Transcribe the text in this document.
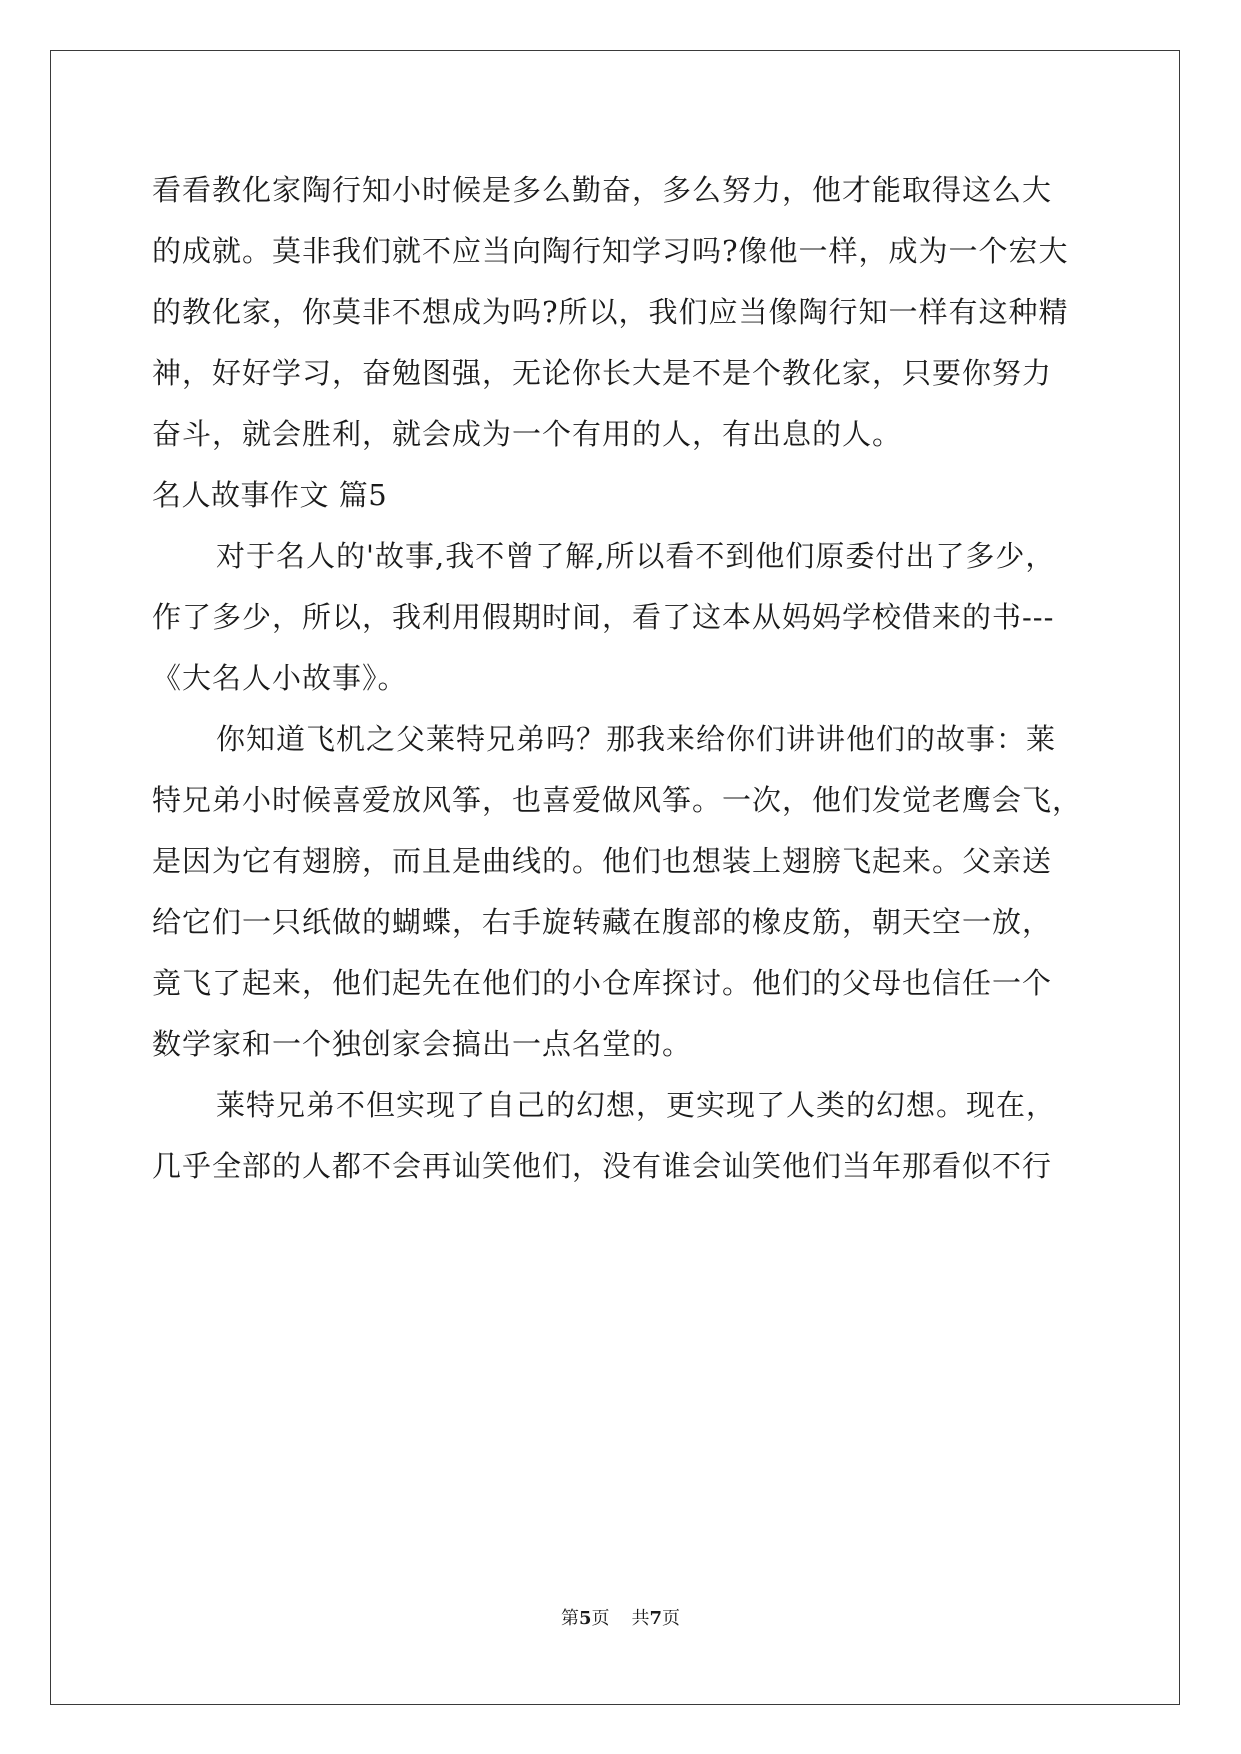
看看教化家陶行知小时候是多么勤奋，多么努力，他才能取得这么大
的成就。莫非我们就不应当向陶行知学习吗?像他一样，成为一个宏大
的教化家，你莫非不想成为吗?所以，我们应当像陶行知一样有这种精
神，好好学习，奋勉图强，无论你长大是不是个教化家，只要你努力
奋斗，就会胜利，就会成为一个有用的人，有出息的人。
名人故事作文 篇5
对于名人的'故事,我不曾了解,所以看不到他们原委付出了多少，
作了多少，所以，我利用假期时间，看了这本从妈妈学校借来的书---
《大名人小故事》。
你知道飞机之父莱特兄弟吗？那我来给你们讲讲他们的故事：莱
特兄弟小时候喜爱放风筝，也喜爱做风筝。一次，他们发觉老鹰会飞，
是因为它有翅膀，而且是曲线的。他们也想装上翅膀飞起来。父亲送
给它们一只纸做的蝴蝶，右手旋转藏在腹部的橡皮筋，朝天空一放，
竟飞了起来，他们起先在他们的小仓库探讨。他们的父母也信任一个
数学家和一个独创家会搞出一点名堂的。
莱特兄弟不但实现了自己的幻想，更实现了人类的幻想。现在，
几乎全部的人都不会再讪笑他们，没有谁会讪笑他们当年那看似不行
第5页 共7页
